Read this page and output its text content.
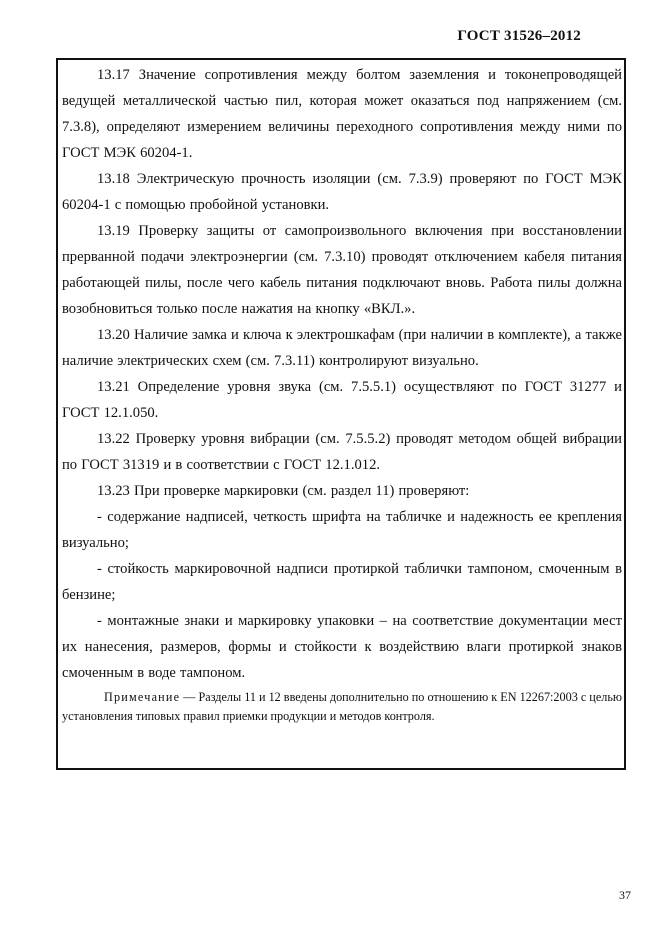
ГОСТ 31526–2012

13.17 Значение сопротивления между болтом заземления и токонепроводящей ведущей металлической частью пил, которая может оказаться под напряжением (см. 7.3.8), определяют измерением величины переходного сопротивления между ними по ГОСТ МЭК 60204-1.

13.18 Электрическую прочность изоляции (см. 7.3.9) проверяют по ГОСТ МЭК 60204-1 с помощью пробойной установки.

13.19 Проверку защиты от самопроизвольного включения при восстановлении прерванной подачи электроэнергии (см. 7.3.10) проводят отключением кабеля питания работающей пилы, после чего кабель питания подключают вновь. Работа пилы должна возобновиться только после нажатия на кнопку «ВКЛ.».

13.20 Наличие замка и ключа к электрошкафам (при наличии в комплекте), а также наличие электрических схем (см. 7.3.11) контролируют визуально.

13.21 Определение уровня звука (см. 7.5.5.1) осуществляют по ГОСТ 31277 и ГОСТ 12.1.050.

13.22 Проверку уровня вибрации (см. 7.5.5.2) проводят методом общей вибрации по ГОСТ 31319 и в соответствии с ГОСТ 12.1.012.

13.23 При проверке маркировки (см. раздел 11) проверяют:

- содержание надписей, четкость шрифта на табличке и надежность ее крепления визуально;

- стойкость маркировочной надписи протиркой таблички тампоном, смоченным в бензине;

- монтажные знаки и маркировку упаковки – на соответствие документации мест их нанесения, размеров, формы и стойкости к воздействию влаги протиркой знаков смоченным в воде тампоном.

Примечание — Разделы 11 и 12 введены дополнительно по отношению к EN 12267:2003 с целью установления типовых правил приемки продукции и методов контроля.
37
